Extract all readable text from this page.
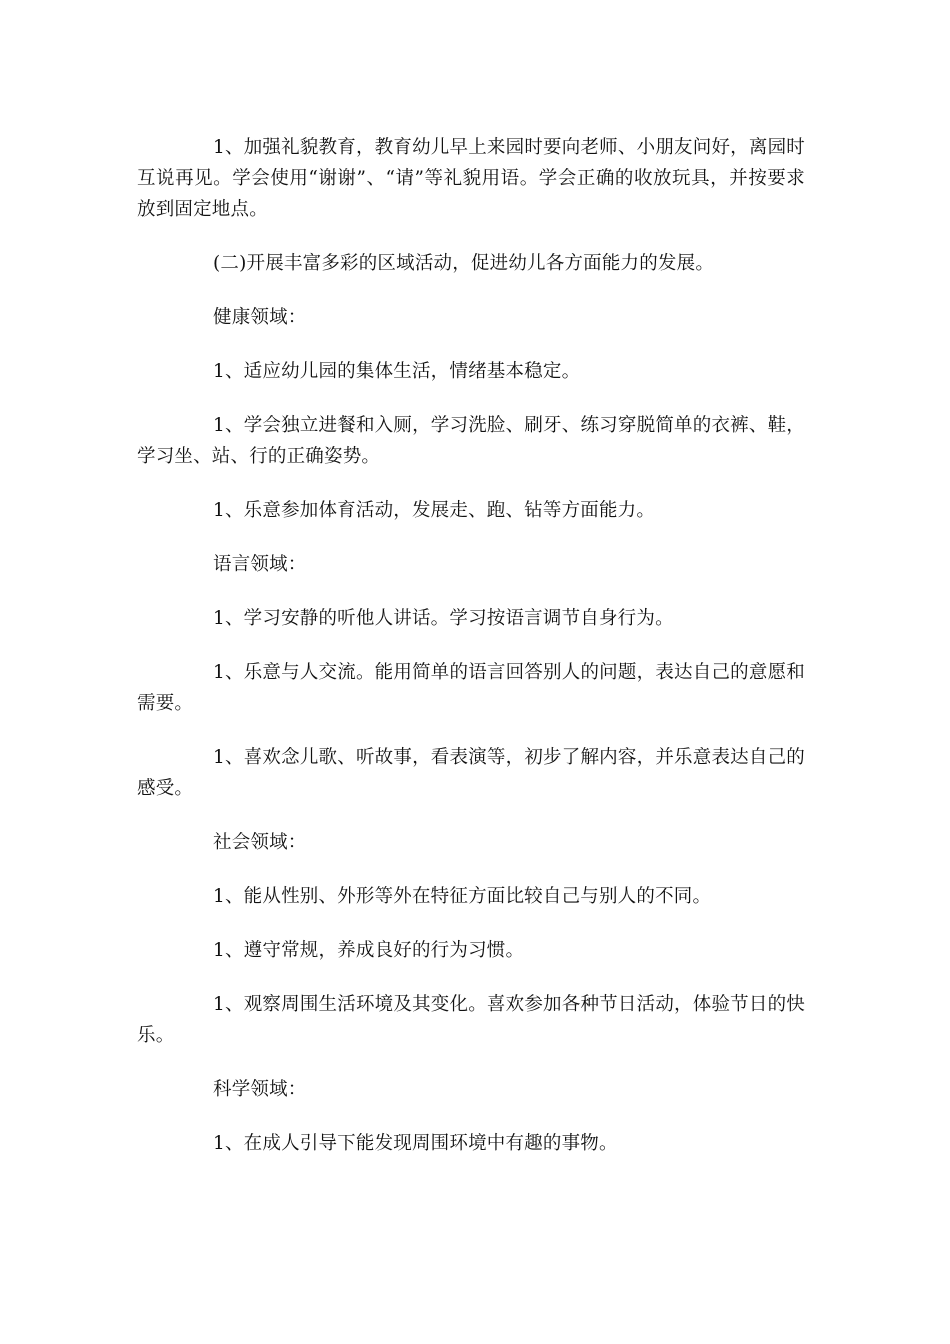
1、加强礼貌教育，教育幼儿早上来园时要向老师、小朋友问好，离园时互说再见。学会使用“谢谢”、“请”等礼貌用语。学会正确的收放玩具，并按要求放到固定地点。

(二)开展丰富多彩的区域活动，促进幼儿各方面能力的发展。

健康领域：

1、适应幼儿园的集体生活，情绪基本稳定。

1、学会独立进餐和入厕，学习洗脸、刷牙、练习穿脱简单的衣裤、鞋，学习坐、站、行的正确姿势。

1、乐意参加体育活动，发展走、跑、钻等方面能力。

语言领域：

1、学习安静的听他人讲话。学习按语言调节自身行为。

1、乐意与人交流。能用简单的语言回答别人的问题，表达自己的意愿和需要。

1、喜欢念儿歌、听故事，看表演等，初步了解内容，并乐意表达自己的感受。

社会领域：

1、能从性别、外形等外在特征方面比较自己与别人的不同。

1、遵守常规，养成良好的行为习惯。

1、观察周围生活环境及其变化。喜欢参加各种节日活动，体验节日的快乐。

科学领域：

1、在成人引导下能发现周围环境中有趣的事物。
